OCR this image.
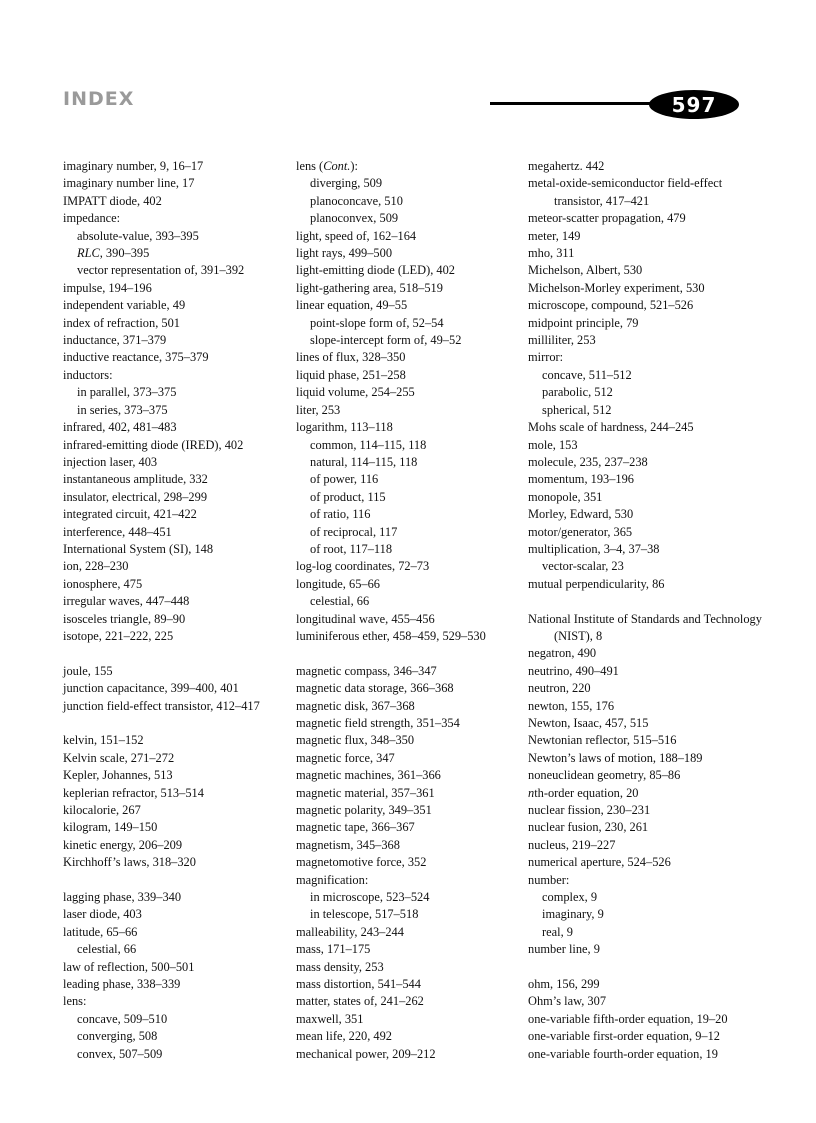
INDEX	597
imaginary number, 9, 16–17
imaginary number line, 17
IMPATT diode, 402
impedance:
absolute-value, 393–395
RLC, 390–395
vector representation of, 391–392
impulse, 194–196
independent variable, 49
index of refraction, 501
inductance, 371–379
inductive reactance, 375–379
inductors:
in parallel, 373–375
in series, 373–375
infrared, 402, 481–483
infrared-emitting diode (IRED), 402
injection laser, 403
instantaneous amplitude, 332
insulator, electrical, 298–299
integrated circuit, 421–422
interference, 448–451
International System (SI), 148
ion, 228–230
ionosphere, 475
irregular waves, 447–448
isosceles triangle, 89–90
isotope, 221–222, 225
joule, 155
junction capacitance, 399–400, 401
junction field-effect transistor, 412–417
kelvin, 151–152
Kelvin scale, 271–272
Kepler, Johannes, 513
keplerian refractor, 513–514
kilocalorie, 267
kilogram, 149–150
kinetic energy, 206–209
Kirchhoff’s laws, 318–320
lagging phase, 339–340
laser diode, 403
latitude, 65–66
celestial, 66
law of reflection, 500–501
leading phase, 338–339
lens:
concave, 509–510
converging, 508
convex, 507–509
lens (Cont.):
diverging, 509
planoconcave, 510
planoconvex, 509
light, speed of, 162–164
light rays, 499–500
light-emitting diode (LED), 402
light-gathering area, 518–519
linear equation, 49–55
point-slope form of, 52–54
slope-intercept form of, 49–52
lines of flux, 328–350
liquid phase, 251–258
liquid volume, 254–255
liter, 253
logarithm, 113–118
common, 114–115, 118
natural, 114–115, 118
of power, 116
of product, 115
of ratio, 116
of reciprocal, 117
of root, 117–118
log-log coordinates, 72–73
longitude, 65–66
celestial, 66
longitudinal wave, 455–456
luminiferous ether, 458–459, 529–530
magnetic compass, 346–347
magnetic data storage, 366–368
magnetic disk, 367–368
magnetic field strength, 351–354
magnetic flux, 348–350
magnetic force, 347
magnetic machines, 361–366
magnetic material, 357–361
magnetic polarity, 349–351
magnetic tape, 366–367
magnetism, 345–368
magnetomotive force, 352
magnification:
in microscope, 523–524
in telescope, 517–518
malleability, 243–244
mass, 171–175
mass density, 253
mass distortion, 541–544
matter, states of, 241–262
maxwell, 351
mean life, 220, 492
mechanical power, 209–212
megahertz. 442
metal-oxide-semiconductor field-effect transistor, 417–421
meteor-scatter propagation, 479
meter, 149
mho, 311
Michelson, Albert, 530
Michelson-Morley experiment, 530
microscope, compound, 521–526
midpoint principle, 79
milliliter, 253
mirror:
concave, 511–512
parabolic, 512
spherical, 512
Mohs scale of hardness, 244–245
mole, 153
molecule, 235, 237–238
momentum, 193–196
monopole, 351
Morley, Edward, 530
motor/generator, 365
multiplication, 3–4, 37–38
vector-scalar, 23
mutual perpendicularity, 86
National Institute of Standards and Technology (NIST), 8
negatron, 490
neutrino, 490–491
neutron, 220
newton, 155, 176
Newton, Isaac, 457, 515
Newtonian reflector, 515–516
Newton’s laws of motion, 188–189
noneuclidean geometry, 85–86
nth-order equation, 20
nuclear fission, 230–231
nuclear fusion, 230, 261
nucleus, 219–227
numerical aperture, 524–526
number:
complex, 9
imaginary, 9
real, 9
number line, 9
ohm, 156, 299
Ohm’s law, 307
one-variable fifth-order equation, 19–20
one-variable first-order equation, 9–12
one-variable fourth-order equation, 19
